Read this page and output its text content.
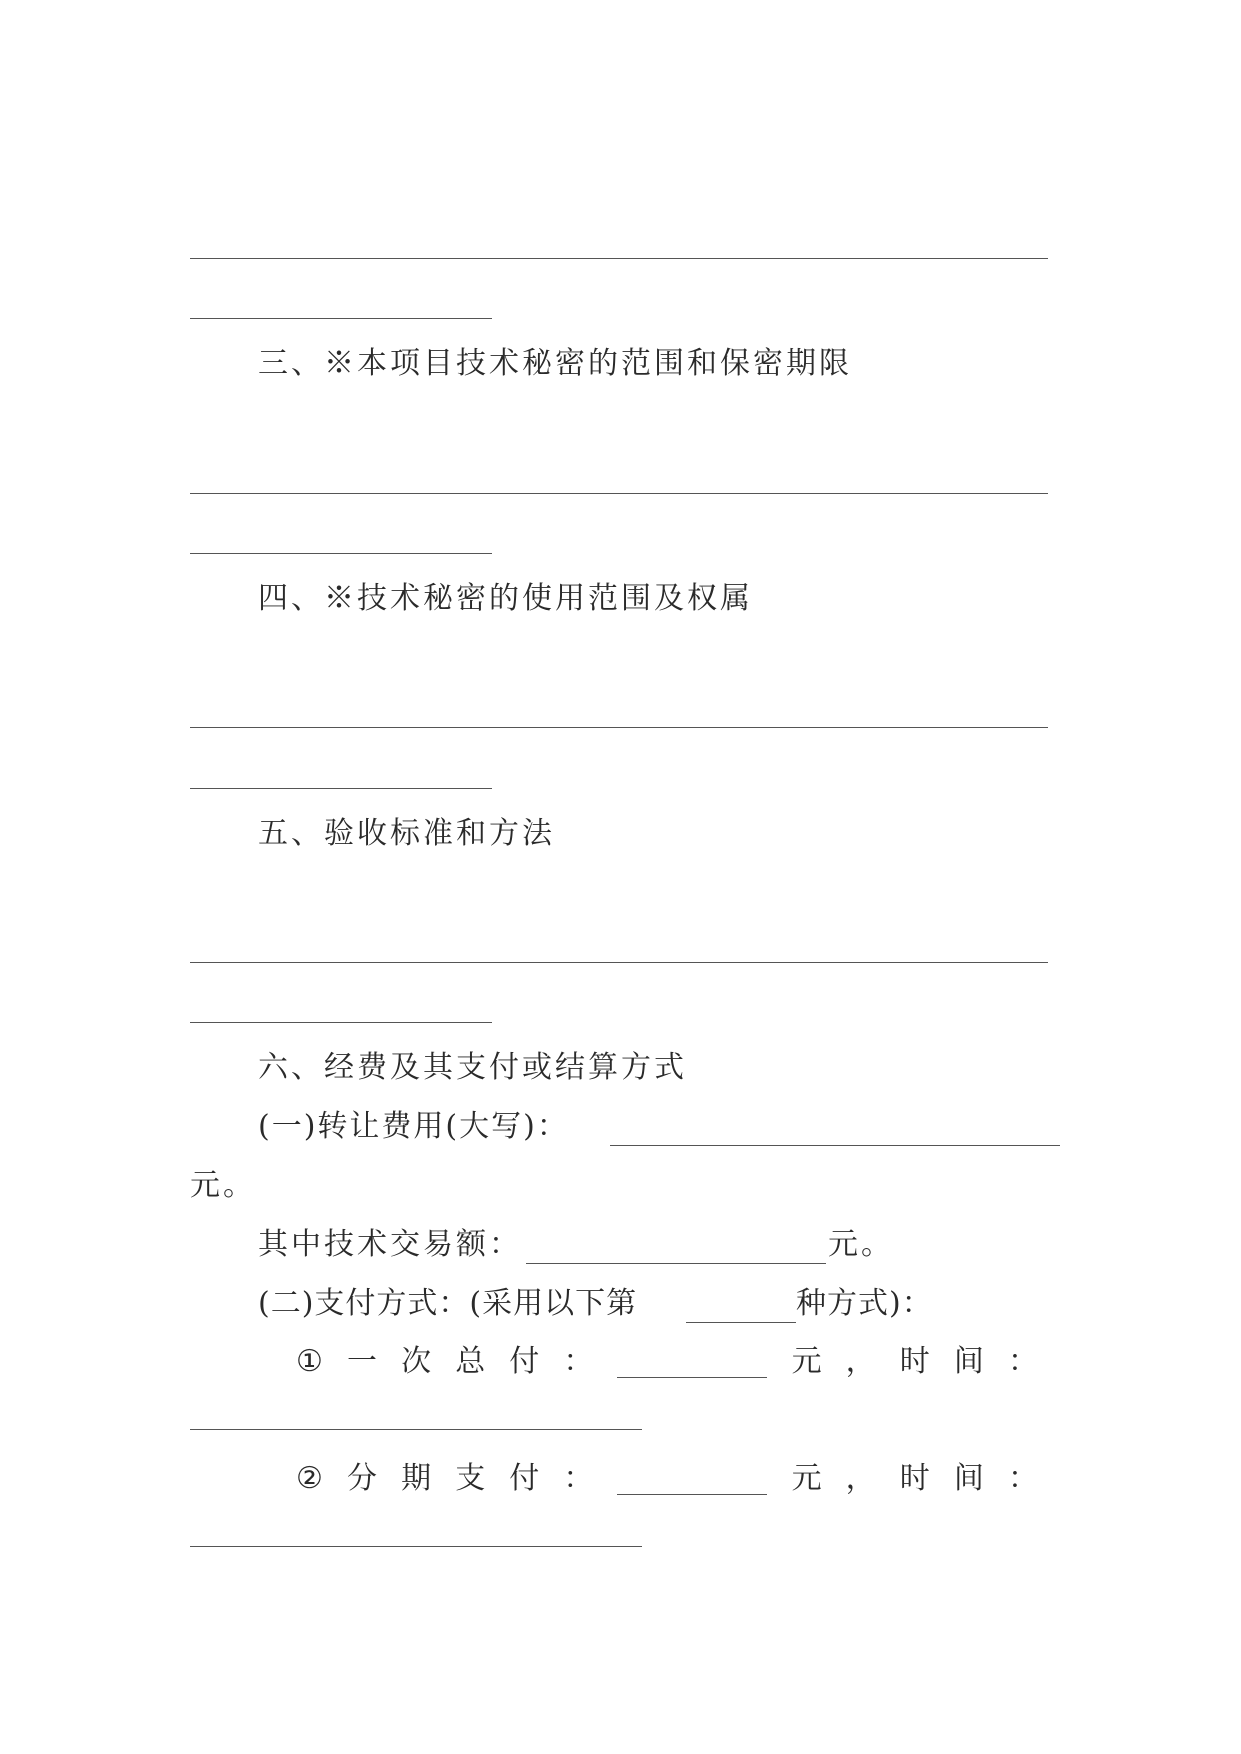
三、※本项目技术秘密的范围和保密期限
四、※技术秘密的使用范围及权属
五、验收标准和方法
六、经费及其支付或结算方式
(一)转让费用(大写)：
元。
其中技术交易额：	元。
(二)支付方式：(采用以下第	种方式)：
① 一 次 总 付 ：	元 ， 时 间 ：
② 分 期 支 付 ：	元 ， 时 间 ：
